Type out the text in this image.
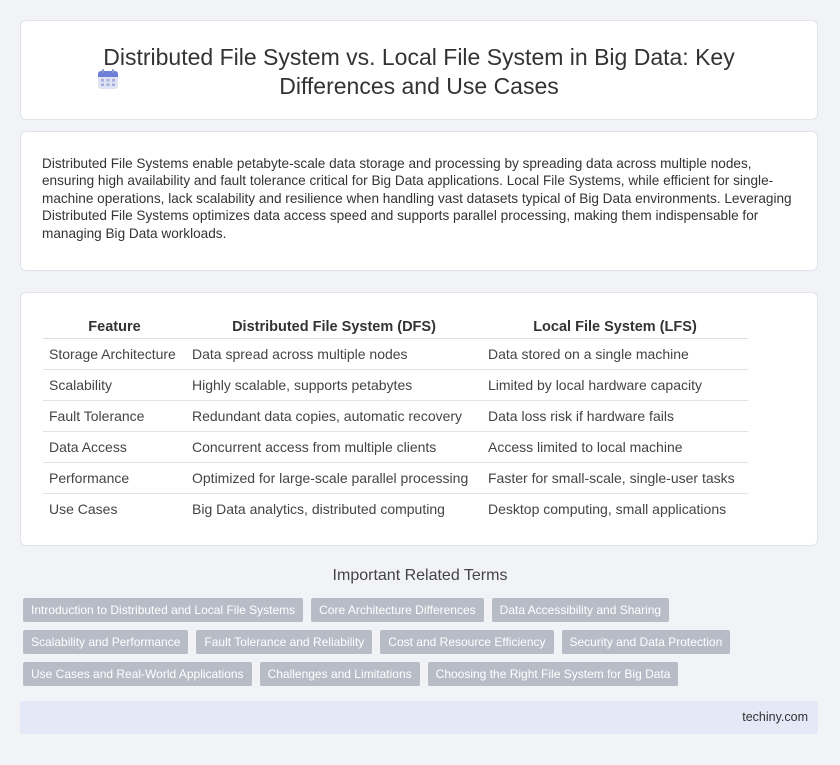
Distributed File System vs. Local File System in Big Data: Key Differences and Use Cases

Distributed File Systems enable petabyte-scale data storage and processing by spreading data across multiple nodes, ensuring high availability and fault tolerance critical for Big Data applications. Local File Systems, while efficient for single-machine operations, lack scalability and resilience when handling vast datasets typical of Big Data environments. Leveraging Distributed File Systems optimizes data access speed and supports parallel processing, making them indispensable for managing Big Data workloads.

Feature	Distributed File System (DFS)	Local File System (LFS)
Storage Architecture	Data spread across multiple nodes	Data stored on a single machine
Scalability	Highly scalable, supports petabytes	Limited by local hardware capacity
Fault Tolerance	Redundant data copies, automatic recovery	Data loss risk if hardware fails
Data Access	Concurrent access from multiple clients	Access limited to local machine
Performance	Optimized for large-scale parallel processing	Faster for small-scale, single-user tasks
Use Cases	Big Data analytics, distributed computing	Desktop computing, small applications
Important Related Terms
Introduction to Distributed and Local File Systems	Core Architecture Differences	Data Accessibility and Sharing
Scalability and Performance	Fault Tolerance and Reliability	Cost and Resource Efficiency	Security and Data Protection
Use Cases and Real-World Applications	Challenges and Limitations	Choosing the Right File System for Big Data
techiny.com
